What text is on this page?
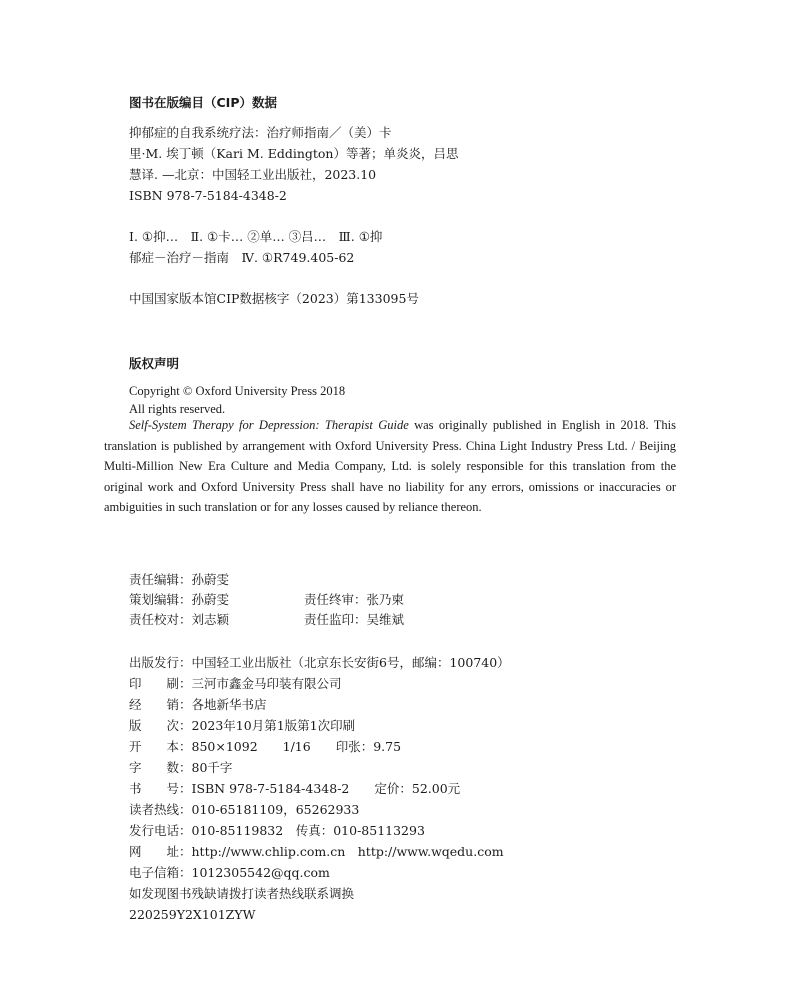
图书在版编目（CIP）数据
抑郁症的自我系统疗法：治疗师指南／（美）卡
里·M. 埃丁顿（Kari M. Eddington）等著；单炎炎，吕思
慧译. —北京：中国轻工业出版社，2023.10
ISBN 978-7-5184-4348-2
Ⅰ. ①抑…　Ⅱ. ①卡… ②单… ③吕…　Ⅲ. ①抑
郁症－治疗－指南　Ⅳ. ①R749.405-62
中国国家版本馆CIP数据核字（2023）第133095号
版权声明
Copyright © Oxford University Press 2018
All rights reserved.
Self-System Therapy for Depression: Therapist Guide was originally published in English in 2018. This translation is published by arrangement with Oxford University Press. China Light Industry Press Ltd. / Beijing Multi-Million New Era Culture and Media Company, Ltd. is solely responsible for this translation from the original work and Oxford University Press shall have no liability for any errors, omissions or inaccuracies or ambiguities in such translation or for any losses caused by reliance thereon.
责任编辑：孙蔚雯
策划编辑：孙蔚雯	责任终审：张乃柬
责任校对：刘志颖	责任监印：吴维斌
出版发行：中国轻工业出版社（北京东长安街6号，邮编：100740）
印　　刷：三河市鑫金马印装有限公司
经　　销：各地新华书店
版　　次：2023年10月第1版第1次印刷
开　　本：850×1092　　1/16　　印张：9.75
字　　数：80千字
书　　号：ISBN 978-7-5184-4348-2　　定价：52.00元
读者热线：010-65181109，65262933
发行电话：010-85119832　传真：010-85113293
网　　址：http://www.chlip.com.cn　http://www.wqedu.com
电子信箱：1012305542@qq.com
如发现图书残缺请拨打读者热线联系调换
220259Y2X101ZYW
